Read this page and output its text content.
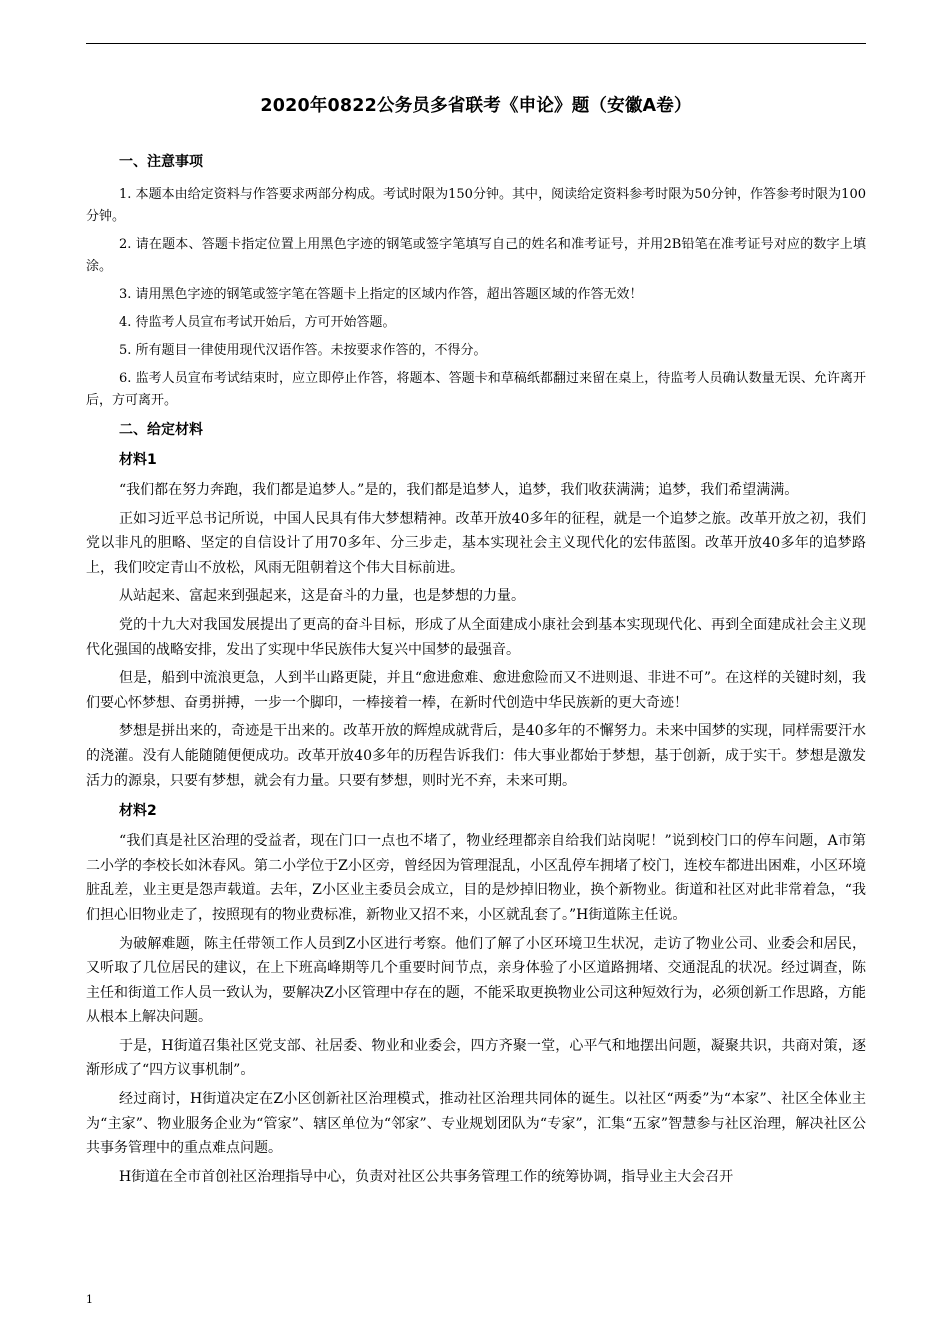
2020年0822公务员多省联考《申论》题（安徽A卷）
一、注意事项

1. 本题本由给定资料与作答要求两部分构成。考试时限为150分钟。其中，阅读给定资料参考时限为50分钟，作答参考时限为100分钟。

2. 请在题本、答题卡指定位置上用黑色字迹的钢笔或签字笔填写自己的姓名和准考证号，并用2B铅笔在准考证号对应的数字上填涂。

3. 请用黑色字迹的钢笔或签字笔在答题卡上指定的区域内作答，超出答题区域的作答无效！

4. 待监考人员宣布考试开始后，方可开始答题。

5. 所有题目一律使用现代汉语作答。未按要求作答的，不得分。

6. 监考人员宣布考试结束时，应立即停止作答，将题本、答题卡和草稿纸都翻过来留在桌上，待监考人员确认数量无误、允许离开后，方可离开。

二、给定材料
材料1

“我们都在努力奔跑，我们都是追梦人。”是的，我们都是追梦人，追梦，我们收获满满；追梦，我们希望满满。

正如习近平总书记所说，中国人民具有伟大梦想精神。改革开放40多年的征程，就是一个追梦之旅。改革开放之初，我们党以非凡的胆略、坚定的自信设计了用70多年、分三步走，基本实现社会主义现代化的宏伟蓝图。改革开放40多年的追梦路上，我们咬定青山不放松，风雨无阻朝着这个伟大目标前进。

从站起来、富起来到强起来，这是奋斗的力量，也是梦想的力量。

党的十九大对我国发展提出了更高的奋斗目标，形成了从全面建成小康社会到基本实现现代化、再到全面建成社会主义现代化强国的战略安排，发出了实现中华民族伟大复兴中国梦的最强音。

但是，船到中流浪更急，人到半山路更陡，并且“愈进愈难、愈进愈险而又不进则退、非进不可”。在这样的关键时刻，我们要心怀梦想、奋勇拼搏，一步一个脚印，一棒接着一棒，在新时代创造中华民族新的更大奇迹！

梦想是拼出来的，奇迹是干出来的。改革开放的辉煌成就背后，是40多年的不懈努力。未来中国梦的实现，同样需要汗水的浇灌。没有人能随随便便成功。改革开放40多年的历程告诉我们：伟大事业都始于梦想，基于创新，成于实干。梦想是激发活力的源泉，只要有梦想，就会有力量。只要有梦想，则时光不弃，未来可期。

材料2

“我们真是社区治理的受益者，现在门口一点也不堵了，物业经理都亲自给我们站岗呢！”说到校门口的停车问题，A市第二小学的李校长如沐春风。第二小学位于Z小区旁，曾经因为管理混乱，小区乱停车拥堵了校门，连校车都进出困难，小区环境脏乱差，业主更是怨声载道。去年，Z小区业主委员会成立，目的是炒掉旧物业，换个新物业。街道和社区对此非常着急，“我们担心旧物业走了，按照现有的物业费标准，新物业又招不来，小区就乱套了。”H街道陈主任说。

为破解难题，陈主任带领工作人员到Z小区进行考察。他们了解了小区环境卫生状况，走访了物业公司、业委会和居民，又听取了几位居民的建议，在上下班高峰期等几个重要时间节点，亲身体验了小区道路拥堵、交通混乱的状况。经过调查，陈主任和街道工作人员一致认为，要解决Z小区管理中存在的题，不能采取更换物业公司这种短效行为，必须创新工作思路，方能从根本上解决问题。

于是，H街道召集社区党支部、社居委、物业和业委会，四方齐聚一堂，心平气和地摆出问题，凝聚共识，共商对策，逐渐形成了“四方议事机制”。

经过商讨，H街道决定在Z小区创新社区治理模式，推动社区治理共同体的诞生。以社区“两委”为“本家”、社区全体业主为“主家”、物业服务企业为“管家”、辖区单位为“邻家”、专业规划团队为“专家”，汇集“五家”智慧参与社区治理，解决社区公共事务管理中的重点难点问题。

H街道在全市首创社区治理指导中心，负责对社区公共事务管理工作的统筹协调，指导业主大会召开

1
